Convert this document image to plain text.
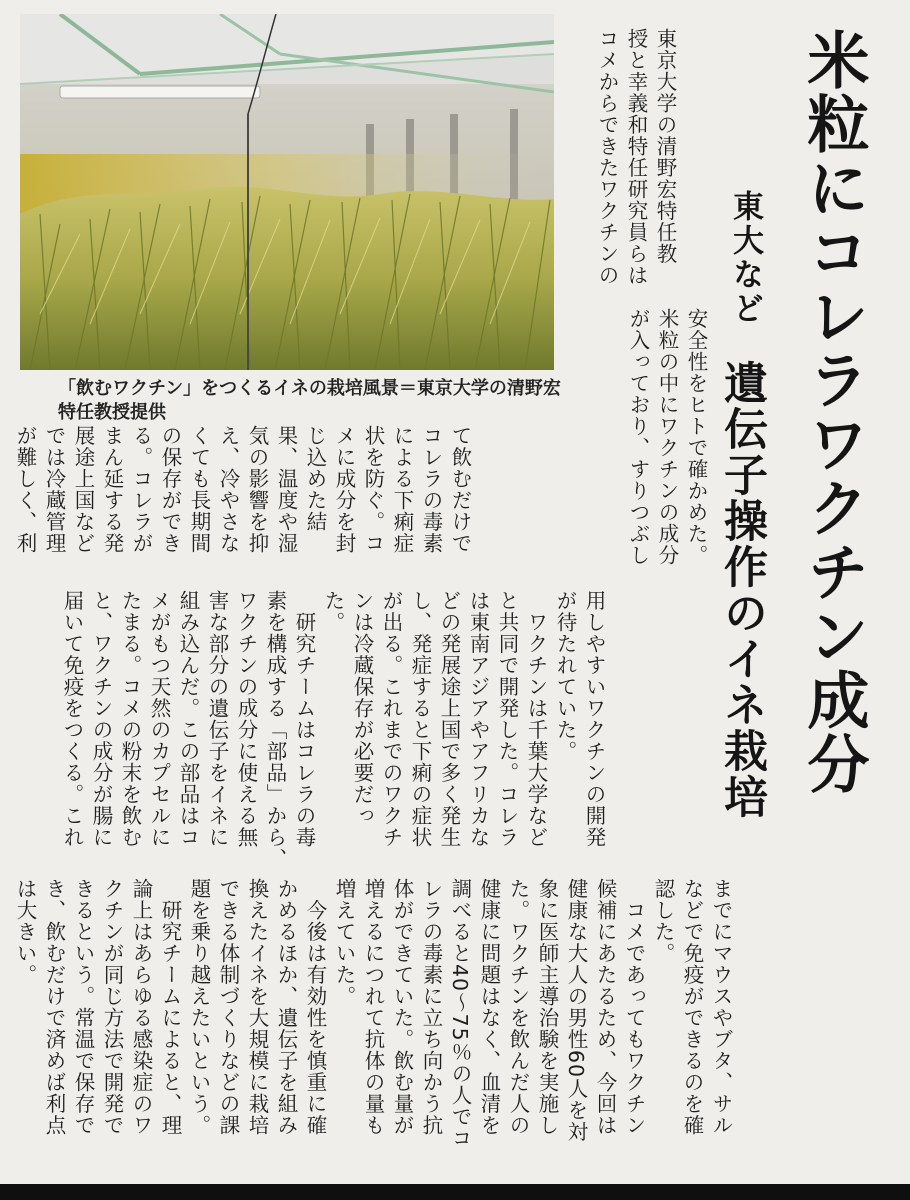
「飲むワクチン」をつくるイネの栽培風景＝東京大学の清野宏特任教授提供	米粒にコレラワクチン成分
東大など
遺伝子操作のイネ栽培
東京大学の清野宏特任教
授と幸義和特任研究員らは
コメからできたワクチンの
安全性をヒトで確かめた。
米粒の中にワクチンの成分
が入っており、すりつぶし
用しやすいワクチンの開発
が待たれていた。
　ワクチンは千葉大学など
と共同で開発した。コレラ
は東南アジアやアフリカな
どの発展途上国で多く発生
し、発症すると下痢の症状
が出る。これまでのワクチ
ンは冷蔵保存が必要だっ
た。
　研究チームはコレラの毒
素を構成する「部品」から、
ワクチンの成分に使える無
害な部分の遺伝子をイネに
組み込んだ。この部品はコ
メがもつ天然のカプセルに
たまる。コメの粉末を飲む
と、ワクチンの成分が腸に
届いて免疫をつくる。これ
て飲むだけで
コレラの毒素
による下痢症
状を防ぐ。コ
メに成分を封
じ込めた結
果、温度や湿
気の影響を抑
え、冷やさな
くても長期間
の保存ができ
る。コレラが
まん延する発
展途上国など
では冷蔵管理
が難しく、利
までにマウスやブタ、サル
などで免疫ができるのを確
認した。
　コメであってもワクチン
候補にあたるため、今回は
健康な大人の男性60人を対
象に医師主導治験を実施し
た。ワクチンを飲んだ人の
健康に問題はなく、血清を
調べると40～75％の人でコ
レラの毒素に立ち向かう抗
体ができていた。飲む量が
増えるにつれて抗体の量も
増えていた。
　今後は有効性を慎重に確
かめるほか、遺伝子を組み
換えたイネを大規模に栽培
できる体制づくりなどの課
題を乗り越えたいという。
　研究チームによると、理
論上はあらゆる感染症のワ
クチンが同じ方法で開発で
きるという。常温で保存で
き、飲むだけで済めば利点
は大きい。
